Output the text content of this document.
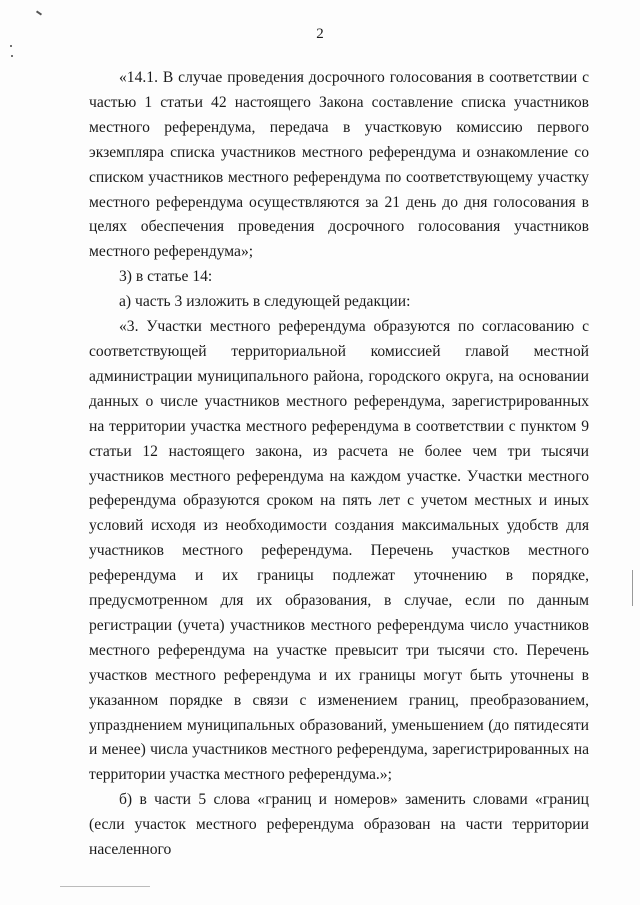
2

«14.1. В случае проведения досрочного голосования в соответствии с частью 1 статьи 42 настоящего Закона составление списка участников местного референдума, передача в участковую комиссию первого экземпляра списка участников местного референдума и ознакомление со списком участников местного референдума по соответствующему участку местного референдума осуществляются за 21 день до дня голосования в целях обеспечения проведения досрочного голосования участников местного референдума»;

3) в статье 14:

а) часть 3 изложить в следующей редакции:

«3. Участки местного референдума образуются по согласованию с соответствующей территориальной комиссией главой местной администрации муниципального района, городского округа, на основании данных о числе участников местного референдума, зарегистрированных на территории участка местного референдума в соответствии с пунктом 9 статьи 12 настоящего закона, из расчета не более чем три тысячи участников местного референдума на каждом участке. Участки местного референдума образуются сроком на пять лет с учетом местных и иных условий исходя из необходимости создания максимальных удобств для участников местного референдума. Перечень участков местного референдума и их границы подлежат уточнению в порядке, предусмотренном для их образования, в случае, если по данным регистрации (учета) участников местного референдума число участников местного референдума на участке превысит три тысячи сто. Перечень участков местного референдума и их границы могут быть уточнены в указанном порядке в связи с изменением границ, преобразованием, упразднением муниципальных образований, уменьшением (до пятидесяти и менее) числа участников местного референдума, зарегистрированных на территории участка местного референдума.»;

б) в части 5 слова «границ и номеров» заменить словами «границ (если участок местного референдума образован на части территории населенного
